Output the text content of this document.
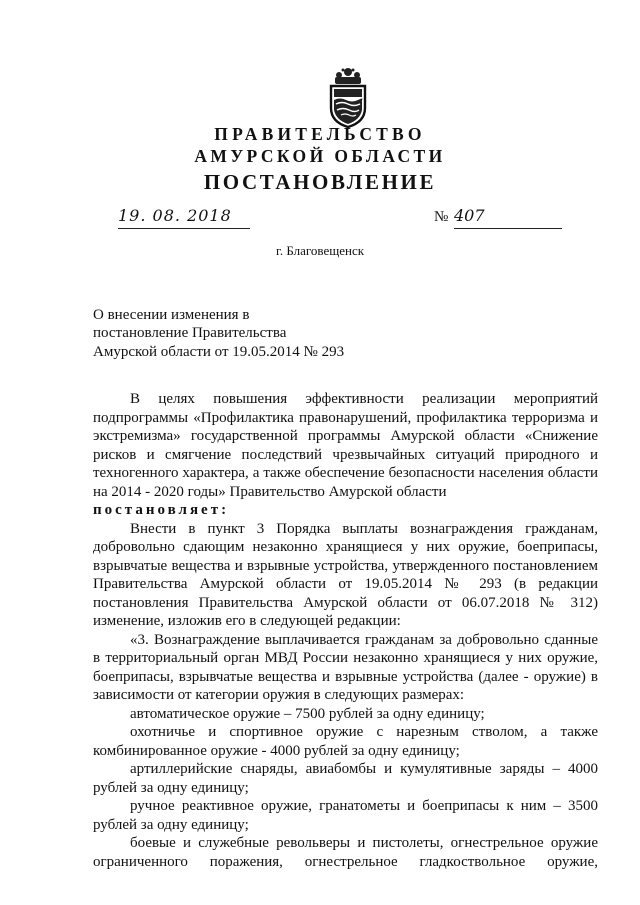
ПРАВИТЕЛЬСТВО
АМУРСКОЙ ОБЛАСТИ
ПОСТАНОВЛЕНИЕ
19. 08. 2018	№ 407
г. Благовещенск
О внесении изменения в
постановление Правительства
Амурской области от 19.05.2014 № 293

В целях повышения эффективности реализации мероприятий подпрограммы «Профилактика правонарушений, профилактика терроризма и экстремизма» государственной программы Амурской области «Снижение рисков и смягчение последствий чрезвычайных ситуаций природного и техногенного характера, а также обеспечение безопасности населения области на 2014 - 2020 годы» Правительство Амурской области

постановляет:

Внести в пункт 3 Порядка выплаты вознаграждения гражданам, добровольно сдающим незаконно хранящиеся у них оружие, боеприпасы, взрывчатые вещества и взрывные устройства, утвержденного постановлением Правительства Амурской области от 19.05.2014 № 293 (в редакции постановления Правительства Амурской области от 06.07.2018 № 312) изменение, изложив его в следующей редакции:

«3. Вознаграждение выплачивается гражданам за добровольно сданные в территориальный орган МВД России незаконно хранящиеся у них оружие, боеприпасы, взрывчатые вещества и взрывные устройства (далее - оружие) в зависимости от категории оружия в следующих размерах:

автоматическое оружие – 7500 рублей за одну единицу;

охотничье и спортивное оружие с нарезным стволом, а также комбинированное оружие - 4000 рублей за одну единицу;

артиллерийские снаряды, авиабомбы и кумулятивные заряды – 4000 рублей за одну единицу;

ручное реактивное оружие, гранатометы и боеприпасы к ним – 3500 рублей за одну единицу;

боевые и служебные револьверы и пистолеты, огнестрельное оружие ограниченного поражения, огнестрельное гладкоствольное оружие,
